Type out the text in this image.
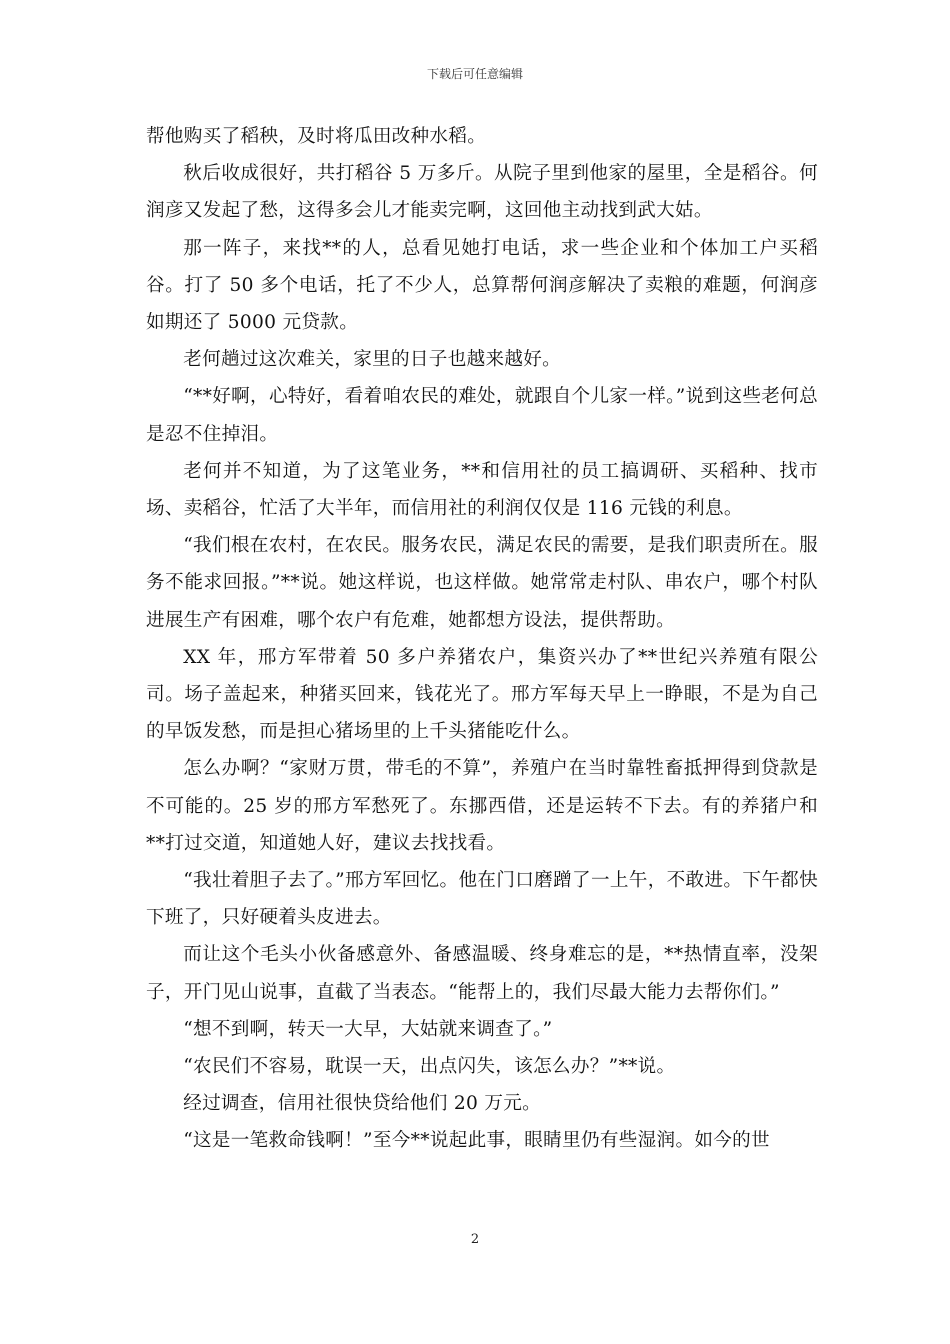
下载后可任意编辑

帮他购买了稻秧，及时将瓜田改种水稻。

秋后收成很好，共打稻谷 5 万多斤。从院子里到他家的屋里，全是稻谷。何润彦又发起了愁，这得多会儿才能卖完啊，这回他主动找到武大姑。

那一阵子，来找**的人，总看见她打电话，求一些企业和个体加工户买稻谷。打了 50 多个电话，托了不少人，总算帮何润彦解决了卖粮的难题，何润彦如期还了 5000 元贷款。

老何趟过这次难关，家里的日子也越来越好。

“**好啊，心特好，看着咱农民的难处，就跟自个儿家一样。”说到这些老何总是忍不住掉泪。

老何并不知道，为了这笔业务，**和信用社的员工搞调研、买稻种、找市场、卖稻谷，忙活了大半年，而信用社的利润仅仅是 116 元钱的利息。

“我们根在农村，在农民。服务农民，满足农民的需要，是我们职责所在。服务不能求回报。”**说。她这样说，也这样做。她常常走村队、串农户，哪个村队进展生产有困难，哪个农户有危难，她都想方设法，提供帮助。

XX 年，邢方军带着 50 多户养猪农户，集资兴办了**世纪兴养殖有限公司。场子盖起来，种猪买回来，钱花光了。邢方军每天早上一睁眼，不是为自己的早饭发愁，而是担心猪场里的上千头猪能吃什么。

怎么办啊？“家财万贯，带毛的不算”，养殖户在当时靠牲畜抵押得到贷款是不可能的。25 岁的邢方军愁死了。东挪西借，还是运转不下去。有的养猪户和**打过交道，知道她人好，建议去找找看。

“我壮着胆子去了。”邢方军回忆。他在门口磨蹭了一上午，不敢进。下午都快下班了，只好硬着头皮进去。

而让这个毛头小伙备感意外、备感温暖、终身难忘的是，**热情直率，没架子，开门见山说事，直截了当表态。“能帮上的，我们尽最大能力去帮你们。”

“想不到啊，转天一大早，大姑就来调查了。”

“农民们不容易，耽误一天，出点闪失，该怎么办？”**说。

经过调查，信用社很快贷给他们 20 万元。

“这是一笔救命钱啊！”至今**说起此事，眼睛里仍有些湿润。如今的世

2
